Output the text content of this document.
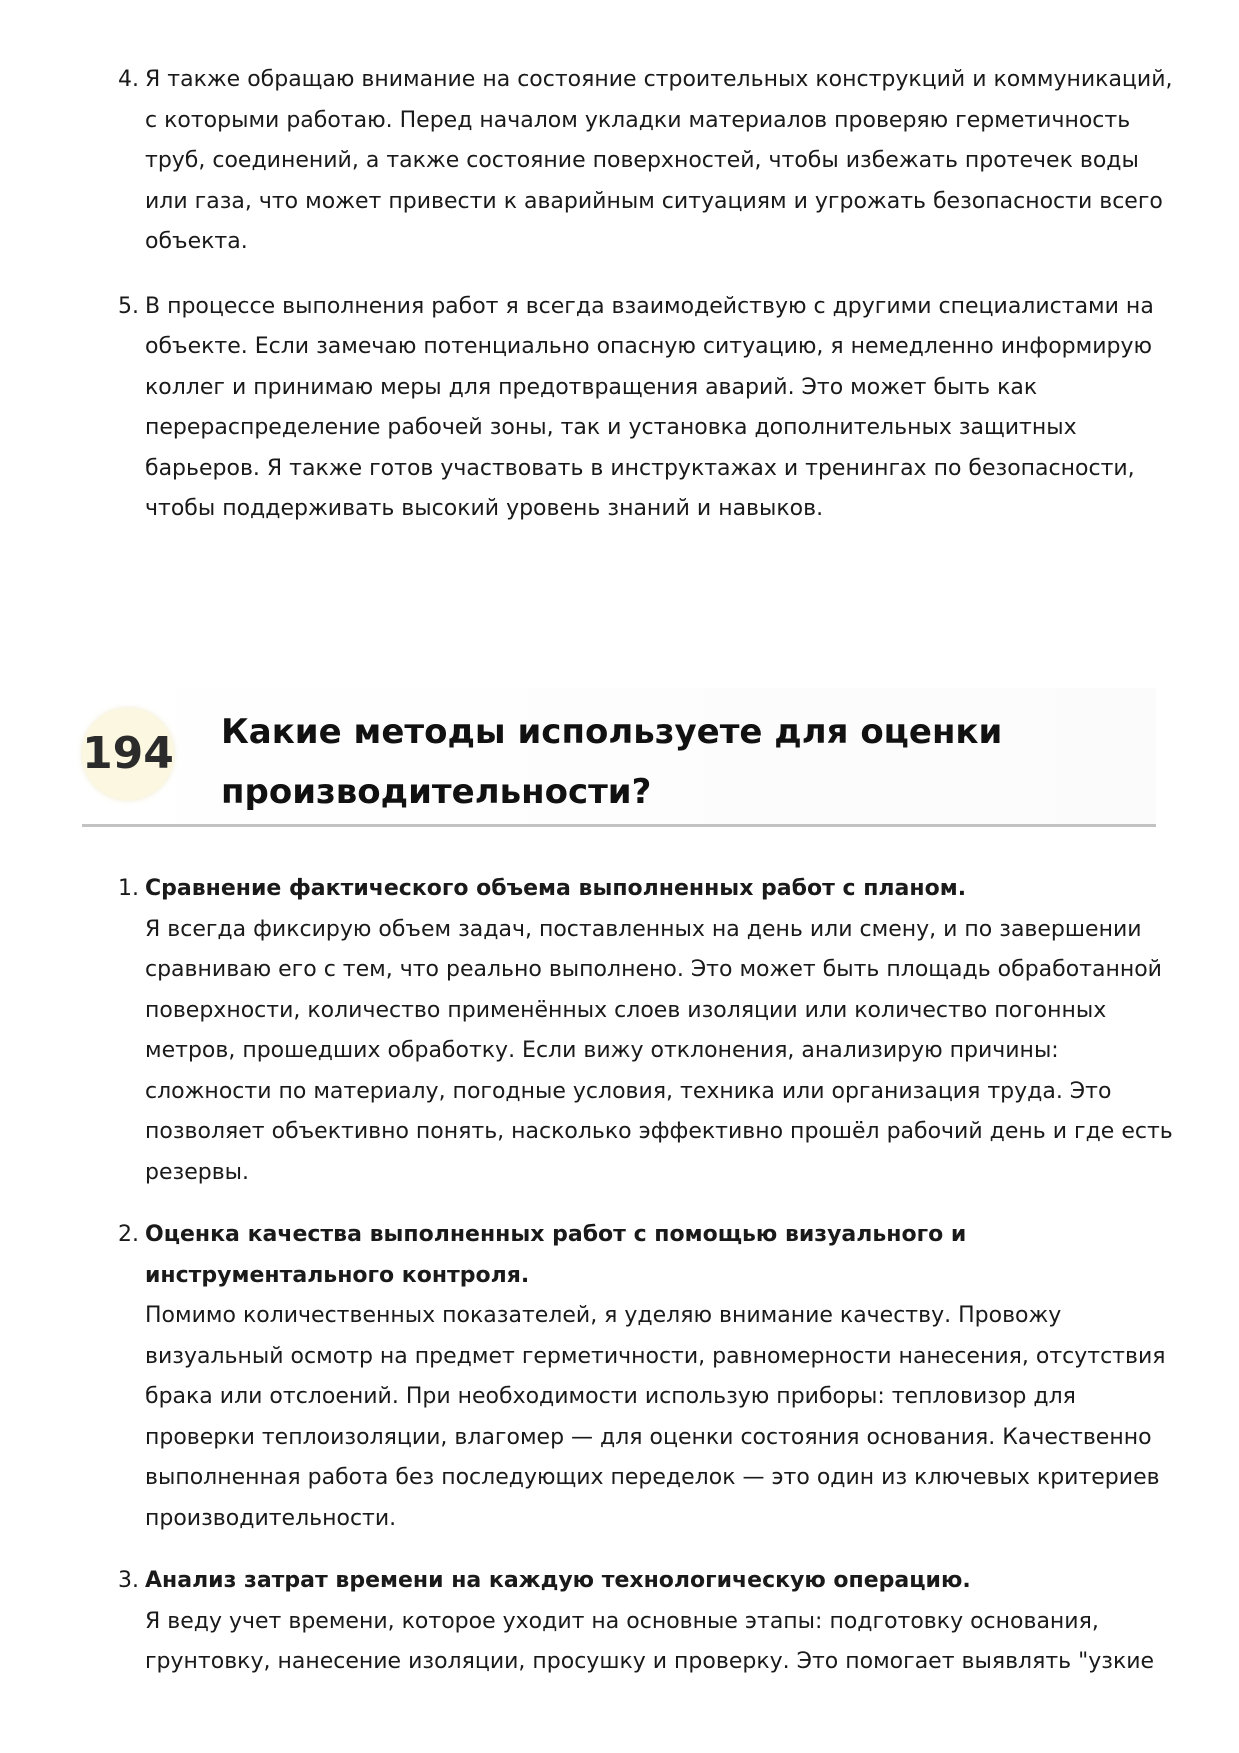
4. Я также обращаю внимание на состояние строительных конструкций и коммуникаций,
с которыми работаю. Перед началом укладки материалов проверяю герметичность
труб, соединений, а также состояние поверхностей, чтобы избежать протечек воды
или газа, что может привести к аварийным ситуациям и угрожать безопасности всего
объекта.

5. В процессе выполнения работ я всегда взаимодействую с другими специалистами на
объекте. Если замечаю потенциально опасную ситуацию, я немедленно информирую
коллег и принимаю меры для предотвращения аварий. Это может быть как
перераспределение рабочей зоны, так и установка дополнительных защитных
барьеров. Я также готов участвовать в инструктажах и тренингах по безопасности,
чтобы поддерживать высокий уровень знаний и навыков.

194 Какие методы используете для оценки
производительности?
1. Сравнение фактического объема выполненных работ с планом.

Я всегда фиксирую объем задач, поставленных на день или смену, и по завершении
сравниваю его с тем, что реально выполнено. Это может быть площадь обработанной
поверхности, количество применённых слоев изоляции или количество погонных
метров, прошедших обработку. Если вижу отклонения, анализирую причины:
сложности по материалу, погодные условия, техника или организация труда. Это
позволяет объективно понять, насколько эффективно прошёл рабочий день и где есть
резервы.

2. Оценка качества выполненных работ с помощью визуального и
инструментального контроля.

Помимо количественных показателей, я уделяю внимание качеству. Провожу
визуальный осмотр на предмет герметичности, равномерности нанесения, отсутствия
брака или отслоений. При необходимости использую приборы: тепловизор для
проверки теплоизоляции, влагомер — для оценки состояния основания. Качественно
выполненная работа без последующих переделок — это один из ключевых критериев
производительности.

3. Анализ затрат времени на каждую технологическую операцию.

Я веду учет времени, которое уходит на основные этапы: подготовку основания,
грунтовку, нанесение изоляции, просушку и проверку. Это помогает выявлять "узкие
